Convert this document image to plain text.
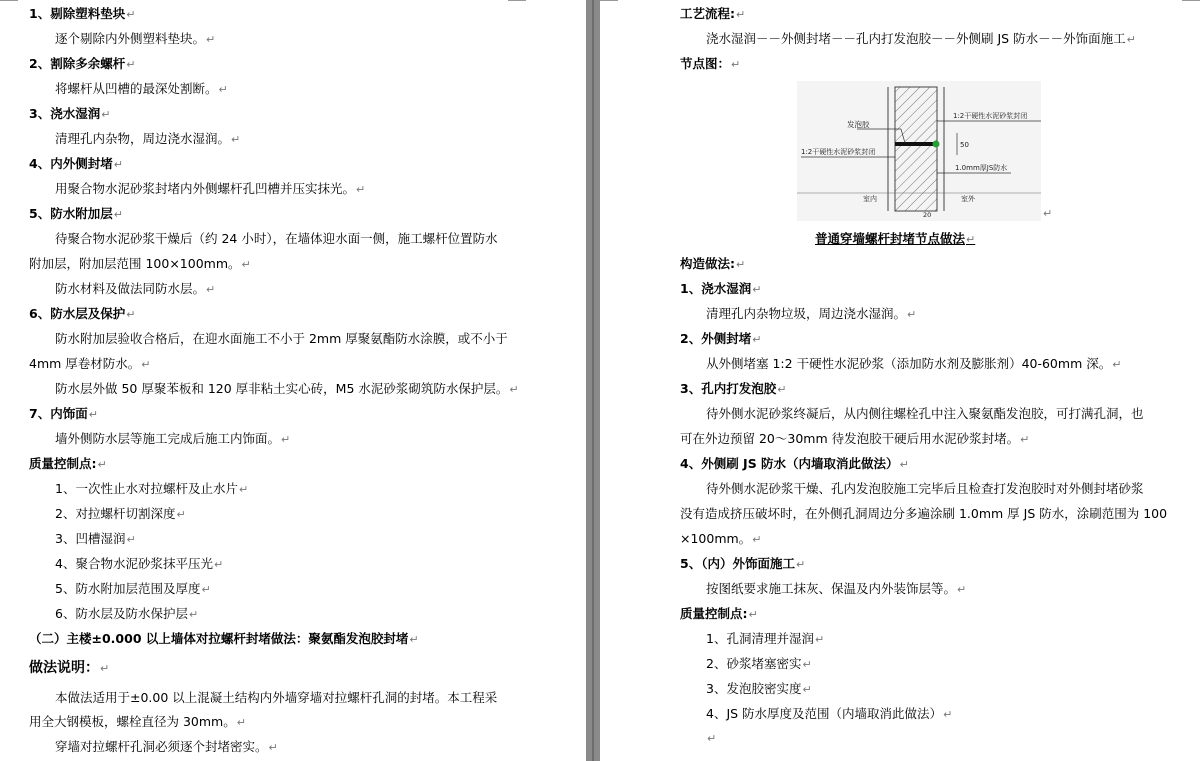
1、剔除塑料垫块↵
逐个剔除内外侧塑料垫块。↵
2、割除多余螺杆↵
将螺杆从凹槽的最深处割断。↵
3、浇水湿润↵
清理孔内杂物，周边浇水湿润。↵
4、内外侧封堵↵
用聚合物水泥砂浆封堵内外侧螺杆孔凹槽并压实抹光。↵
5、防水附加层↵
待聚合物水泥砂浆干燥后（约 24 小时），在墙体迎水面一侧，施工螺杆位置防水
附加层，附加层范围 100×100mm。↵
防水材料及做法同防水层。↵
6、防水层及保护↵
防水附加层验收合格后，在迎水面施工不小于 2mm 厚聚氨酯防水涂膜，或不小于
4mm 厚卷材防水。↵
防水层外做 50 厚聚苯板和 120 厚非粘土实心砖，M5 水泥砂浆砌筑防水保护层。↵
7、内饰面↵
墙外侧防水层等施工完成后施工内饰面。↵
质量控制点:↵
1、一次性止水对拉螺杆及止水片↵
2、对拉螺杆切割深度↵
3、凹槽湿润↵
4、聚合物水泥砂浆抹平压光↵
5、防水附加层范围及厚度↵
6、防水层及防水保护层↵
（二）主楼±0.000 以上墙体对拉螺杆封堵做法：聚氨酯发泡胶封堵↵
做法说明：↵
本做法适用于±0.00 以上混凝土结构内外墙穿墙对拉螺杆孔洞的封堵。本工程采
用全大钢模板，螺栓直径为 30mm。↵
穿墙对拉螺杆孔洞必须逐个封堵密实。↵
工艺流程:↵
浇水湿润－－外侧封堵－－孔内打发泡胶－－外侧刷 JS 防水－－外饰面施工↵
节点图：↵
发泡胶
1:2干硬性水泥砂浆封闭
1:2干硬性水泥砂浆封闭
1.0mm厚JS防水
50
室内	室外
20	↵
普通穿墙螺杆封堵节点做法↵
构造做法:↵
1、浇水湿润↵
清理孔内杂物垃圾，周边浇水湿润。↵
2、外侧封堵↵
从外侧堵塞 1:2 干硬性水泥砂浆（添加防水剂及膨胀剂）40-60mm 深。↵
3、孔内打发泡胶↵
待外侧水泥砂浆终凝后，从内侧往螺栓孔中注入聚氨酯发泡胶，可打满孔洞，也
可在外边预留 20～30mm 待发泡胶干硬后用水泥砂浆封堵。↵
4、外侧刷 JS 防水（内墙取消此做法）↵
待外侧水泥砂浆干燥、孔内发泡胶施工完毕后且检查打发泡胶时对外侧封堵砂浆
没有造成挤压破坏时，在外侧孔洞周边分多遍涂刷 1.0mm 厚 JS 防水，涂刷范围为 100
×100mm。↵
5、（内）外饰面施工↵
按图纸要求施工抹灰、保温及内外装饰层等。↵
质量控制点:↵
1、孔洞清理并湿润↵
2、砂浆堵塞密实↵
3、发泡胶密实度↵
4、JS 防水厚度及范围（内墙取消此做法）↵
↵
